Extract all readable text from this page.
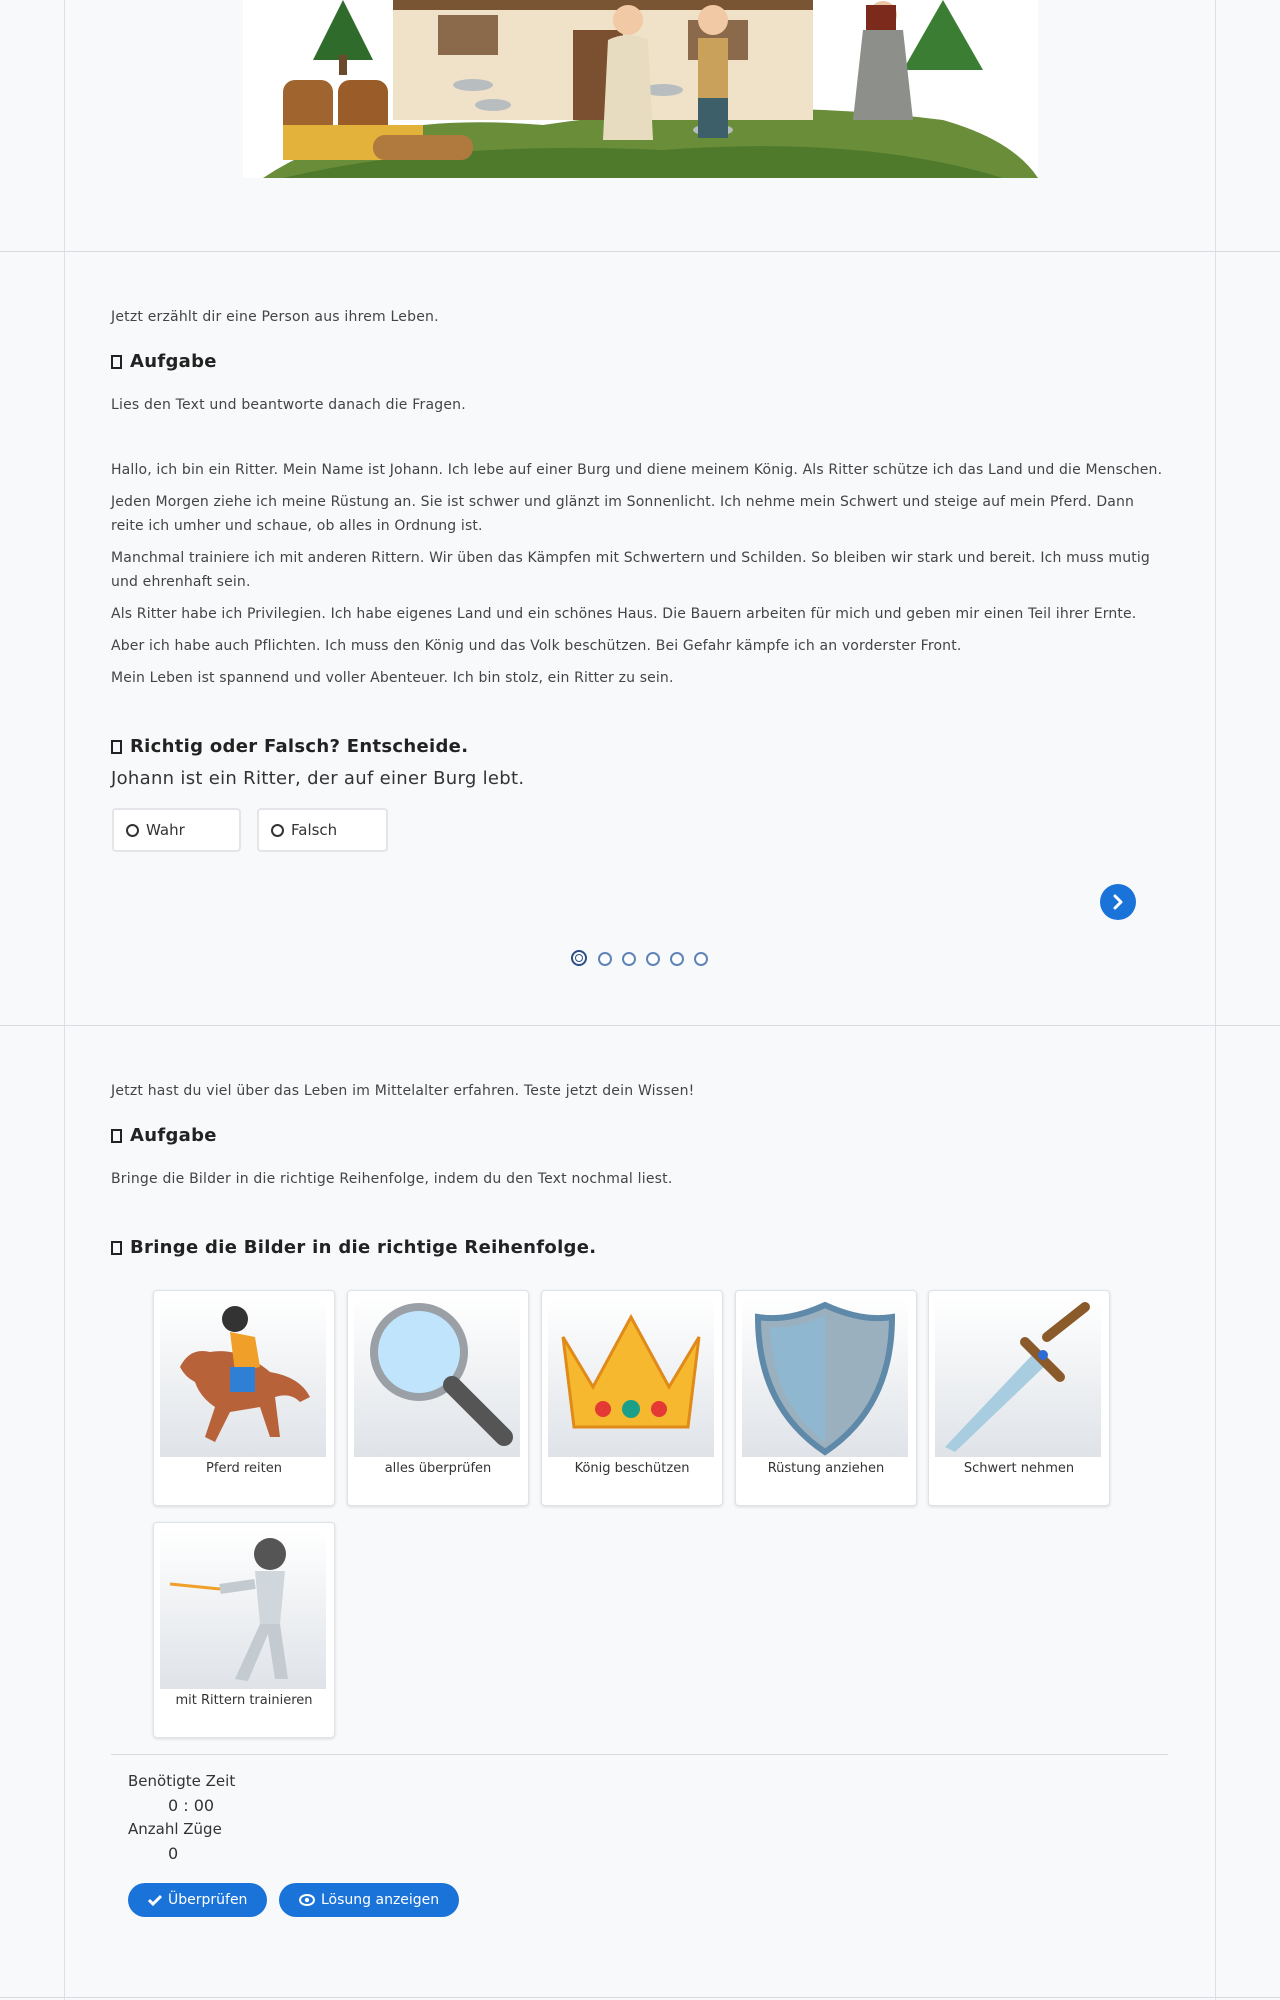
Jetzt erzählt dir eine Person aus ihrem Leben.

Aufgabe

Lies den Text und beantworte danach die Fragen.

Hallo, ich bin ein Ritter. Mein Name ist Johann. Ich lebe auf einer Burg und diene meinem König. Als Ritter schütze ich das Land und die Menschen.

Jeden Morgen ziehe ich meine Rüstung an. Sie ist schwer und glänzt im Sonnenlicht. Ich nehme mein Schwert und steige auf mein Pferd. Dann reite ich umher und schaue, ob alles in Ordnung ist.

Manchmal trainiere ich mit anderen Rittern. Wir üben das Kämpfen mit Schwertern und Schilden. So bleiben wir stark und bereit. Ich muss mutig und ehrenhaft sein.

Als Ritter habe ich Privilegien. Ich habe eigenes Land und ein schönes Haus. Die Bauern arbeiten für mich und geben mir einen Teil ihrer Ernte.

Aber ich habe auch Pflichten. Ich muss den König und das Volk beschützen. Bei Gefahr kämpfe ich an vorderster Front.

Mein Leben ist spannend und voller Abenteuer. Ich bin stolz, ein Ritter zu sein.

Richtig oder Falsch? Entscheide.

Johann ist ein Ritter, der auf einer Burg lebt.

Wahr	Falsch

Jetzt hast du viel über das Leben im Mittelalter erfahren. Teste jetzt dein Wissen!

Aufgabe

Bringe die Bilder in die richtige Reihenfolge, indem du den Text nochmal liest.

Bringe die Bilder in die richtige Reihenfolge.
Pferd reiten	alles überprüfen	König beschützen	Rüstung anziehen	Schwert nehmen
mit Rittern trainieren
Benötigte Zeit
0 : 00
Anzahl Züge
0
Überprüfen	Lösung anzeigen
